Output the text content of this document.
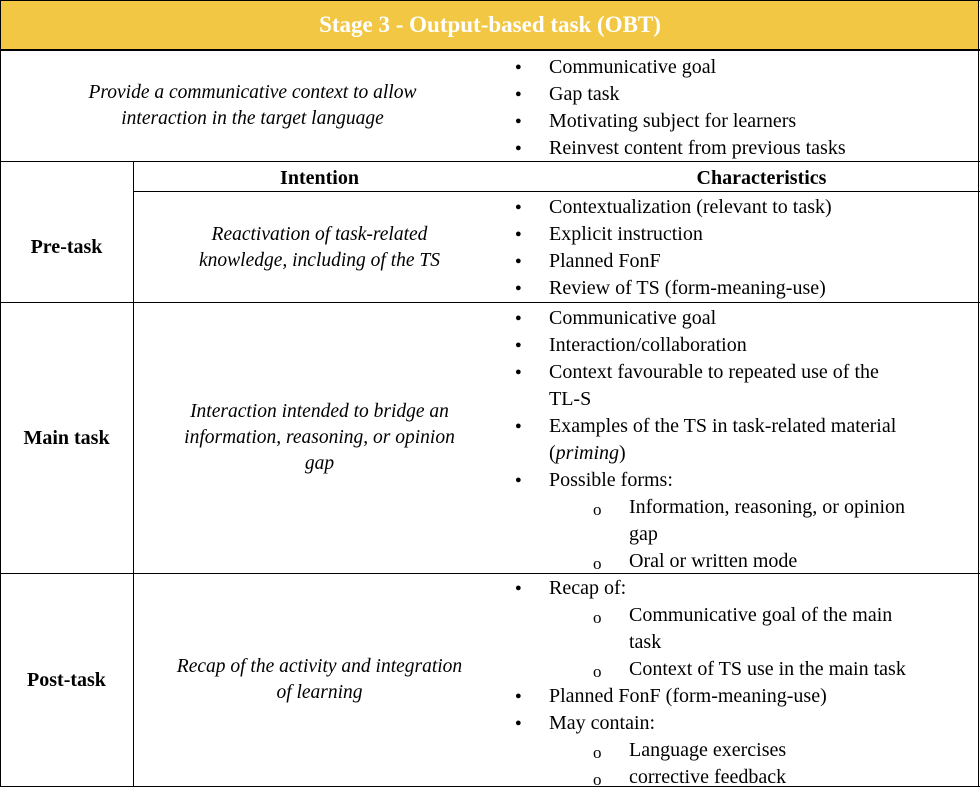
Stage 3 - Output-based task (OBT)
Provide a communicative context to allow
interaction in the target language
● Communicative goal
● Gap task
● Motivating subject for learners
● Reinvest content from previous tasks
Intention	Characteristics
Pre-task
Reactivation of task-related
knowledge, including of the TS
● Contextualization (relevant to task)
● Explicit instruction
● Planned FonF
● Review of TS (form-meaning-use)
Main task
Interaction intended to bridge an
information, reasoning, or opinion
gap
● Communicative goal
● Interaction/collaboration
● Context favourable to repeated use of the
TL-S
● Examples of the TS in task-related material
(priming)
● Possible forms:
o Information, reasoning, or opinion
gap
o Oral or written mode
Post-task
Recap of the activity and integration
of learning
● Recap of:
o Communicative goal of the main
task
o Context of TS use in the main task
● Planned FonF (form-meaning-use)
● May contain:
o Language exercises
o corrective feedback
